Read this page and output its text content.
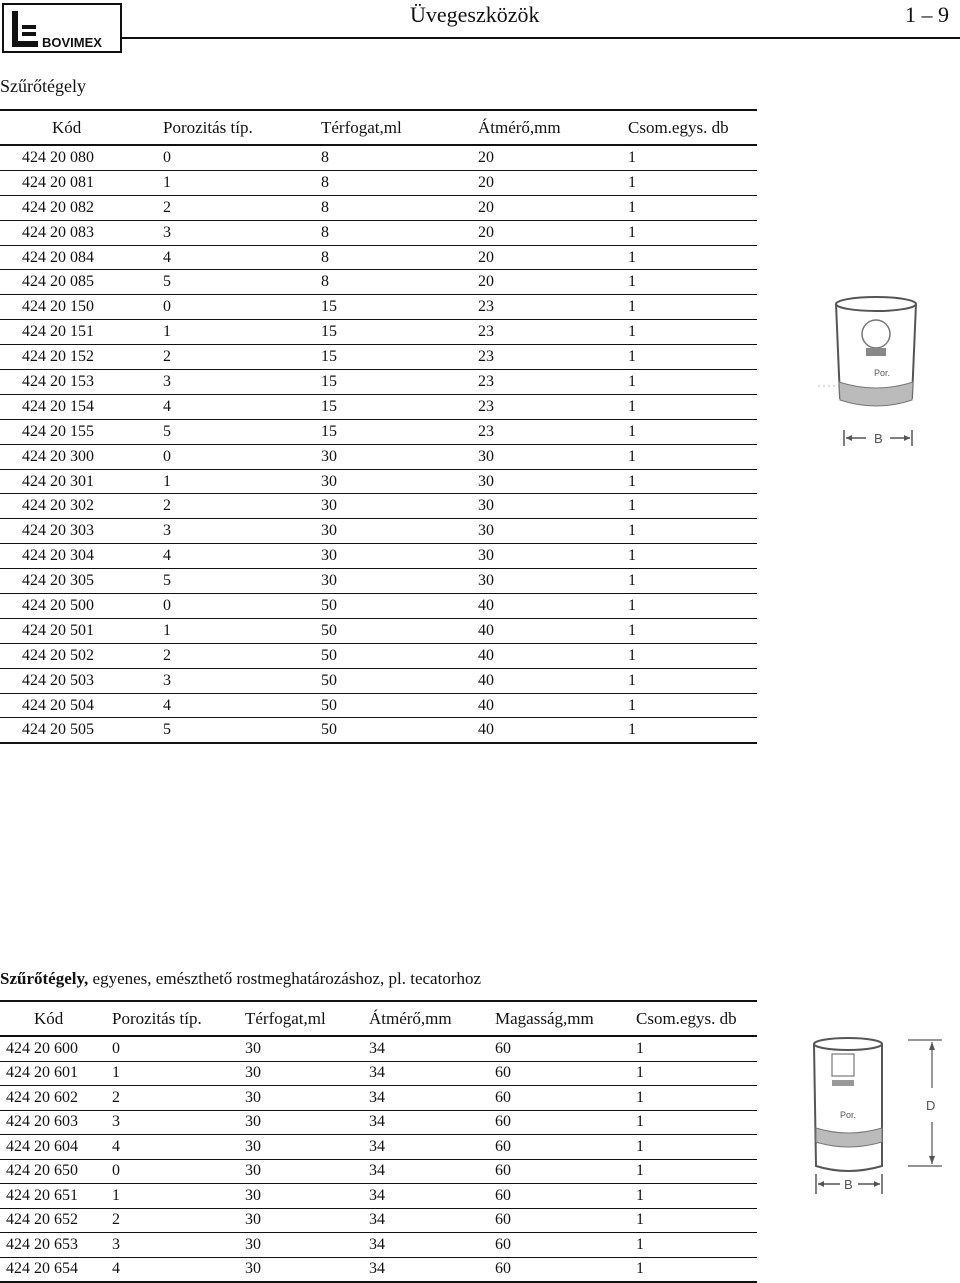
BOVIMEX
Üvegeszközök	1 – 9
Szűrőtégely
Kód	Porozitás típ.	Térfogat,ml	Átmérő,mm	Csom.egys. db
424 20 080	0	8	20	1
424 20 081	1	8	20	1
424 20 082	2	8	20	1
424 20 083	3	8	20	1
424 20 084	4	8	20	1
424 20 085	5	8	20	1
424 20 150	0	15	23	1
424 20 151	1	15	23	1
424 20 152	2	15	23	1
424 20 153	3	15	23	1
424 20 154	4	15	23	1
424 20 155	5	15	23	1
424 20 300	0	30	30	1
424 20 301	1	30	30	1
424 20 302	2	30	30	1
424 20 303	3	30	30	1
424 20 304	4	30	30	1
424 20 305	5	30	30	1
424 20 500	0	50	40	1
424 20 501	1	50	40	1
424 20 502	2	50	40	1
424 20 503	3	50	40	1
424 20 504	4	50	40	1
424 20 505	5	50	40	1
Por.
B
Szűrőtégely, egyenes, emészthető rostmeghatározáshoz, pl. tecatorhoz
Kód	Porozitás típ.	Térfogat,ml	Átmérő,mm	Magasság,mm	Csom.egys. db
424 20 600	0	30	34	60	1
424 20 601	1	30	34	60	1
424 20 602	2	30	34	60	1
424 20 603	3	30	34	60	1
424 20 604	4	30	34	60	1
424 20 650	0	30	34	60	1
424 20 651	1	30	34	60	1
424 20 652	2	30	34	60	1
424 20 653	3	30	34	60	1
424 20 654	4	30	34	60	1
Por.
D
B
